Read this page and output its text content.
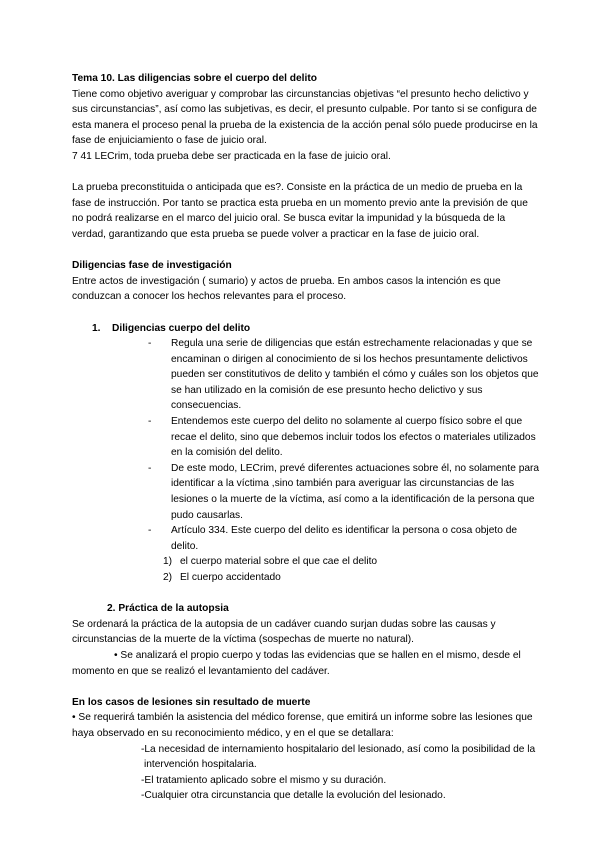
Tema 10. Las diligencias sobre el cuerpo del delito

Tiene como objetivo averiguar y comprobar las circunstancias objetivas “el presunto hecho delictivo y sus circunstancias”, así como las subjetivas, es decir, el presunto culpable. Por tanto si se configura de esta manera el proceso penal la prueba de la existencia de la acción penal sólo puede producirse en la fase de enjuiciamiento o fase de juicio oral.

7 41 LECrim, toda prueba debe ser practicada en la fase de juicio oral.

La prueba preconstituida o anticipada que es?. Consiste en la práctica de un medio de prueba en la fase de instrucción. Por tanto se practica esta prueba en un momento previo ante la previsión de que no podrá realizarse en el marco del juicio oral. Se busca evitar la impunidad y la búsqueda de la verdad, garantizando que esta prueba se puede volver a practicar en la fase de juicio oral.

Diligencias fase de investigación

Entre actos de investigación ( sumario) y actos de prueba. En ambos casos la intención es que conduzcan a conocer los hechos relevantes para el proceso.

1. Diligencias cuerpo del delito

- Regula una serie de diligencias que están estrechamente relacionadas y que se encaminan o dirigen al conocimiento de si los hechos presuntamente delictivos pueden ser constitutivos de delito y también el cómo y cuáles son los objetos que se han utilizado en la comisión de ese presunto hecho delictivo y sus consecuencias.
- Entendemos este cuerpo del delito no solamente al cuerpo físico sobre el que recae el delito, sino que debemos incluir todos los efectos o materiales utilizados en la comisión del delito.
- De este modo, LECrim, prevé diferentes actuaciones sobre él, no solamente para identificar a la víctima ,sino también para averiguar las circunstancias de las lesiones o la muerte de la víctima, así como a la identificación de la persona que pudo causarlas.
- Artículo 334. Este cuerpo del delito es identificar la persona o cosa objeto de delito.
1) el cuerpo material sobre el que cae el delito
2) El cuerpo accidentado

2. Práctica de la autopsia

Se ordenará la práctica de la autopsia de un cadáver cuando surjan dudas sobre las causas y circunstancias de la muerte de la víctima (sospechas de muerte no natural).

• Se analizará el propio cuerpo y todas las evidencias que se hallen en el mismo, desde el momento en que se realizó el levantamiento del cadáver.

En los casos de lesiones sin resultado de muerte

• Se requerirá también la asistencia del médico forense, que emitirá un informe sobre las lesiones que haya observado en su reconocimiento médico, y en el que se detallara:

-La necesidad de internamiento hospitalario del lesionado, así como la posibilidad de la intervención hospitalaria.

-El tratamiento aplicado sobre el mismo y su duración.

-Cualquier otra circunstancia que detalle la evolución del lesionado.
